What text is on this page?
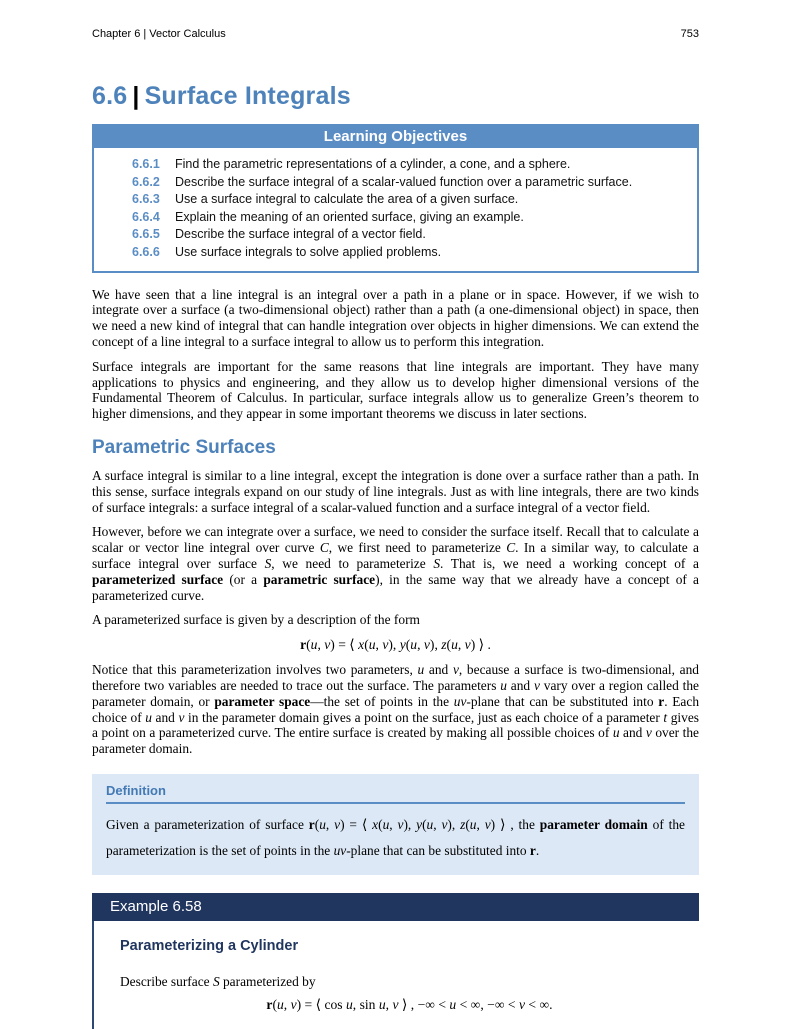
Chapter 6 | Vector Calculus	753
6.6 | Surface Integrals
Learning Objectives
6.6.1	Find the parametric representations of a cylinder, a cone, and a sphere.
6.6.2	Describe the surface integral of a scalar-valued function over a parametric surface.
6.6.3	Use a surface integral to calculate the area of a given surface.
6.6.4	Explain the meaning of an oriented surface, giving an example.
6.6.5	Describe the surface integral of a vector field.
6.6.6	Use surface integrals to solve applied problems.

We have seen that a line integral is an integral over a path in a plane or in space. However, if we wish to integrate over a surface (a two-dimensional object) rather than a path (a one-dimensional object) in space, then we need a new kind of integral that can handle integration over objects in higher dimensions. We can extend the concept of a line integral to a surface integral to allow us to perform this integration.

Surface integrals are important for the same reasons that line integrals are important. They have many applications to physics and engineering, and they allow us to develop higher dimensional versions of the Fundamental Theorem of Calculus. In particular, surface integrals allow us to generalize Green’s theorem to higher dimensions, and they appear in some important theorems we discuss in later sections.

Parametric Surfaces

A surface integral is similar to a line integral, except the integration is done over a surface rather than a path. In this sense, surface integrals expand on our study of line integrals. Just as with line integrals, there are two kinds of surface integrals: a surface integral of a scalar-valued function and a surface integral of a vector field.

However, before we can integrate over a surface, we need to consider the surface itself. Recall that to calculate a scalar or vector line integral over curve C, we first need to parameterize C. In a similar way, to calculate a surface integral over surface S, we need to parameterize S. That is, we need a working concept of a parameterized surface (or a parametric surface), in the same way that we already have a concept of a parameterized curve.

A parameterized surface is given by a description of the form

r(u, v) = ⟨ x(u, v), y(u, v), z(u, v) ⟩ .

Notice that this parameterization involves two parameters, u and v, because a surface is two-dimensional, and therefore two variables are needed to trace out the surface. The parameters u and v vary over a region called the parameter domain, or parameter space—the set of points in the uv-plane that can be substituted into r. Each choice of u and v in the parameter domain gives a point on the surface, just as each choice of a parameter t gives a point on a parameterized curve. The entire surface is created by making all possible choices of u and v over the parameter domain.

Definition
Given a parameterization of surface r(u, v) = ⟨ x(u, v), y(u, v), z(u, v) ⟩ , the parameter domain of the parameterization is the set of points in the uv-plane that can be substituted into r.
Example 6.58
Parameterizing a Cylinder
Describe surface S parameterized by
r(u, v) = ⟨ cos u, sin u, v ⟩ , −∞ < u < ∞, −∞ < v < ∞.
